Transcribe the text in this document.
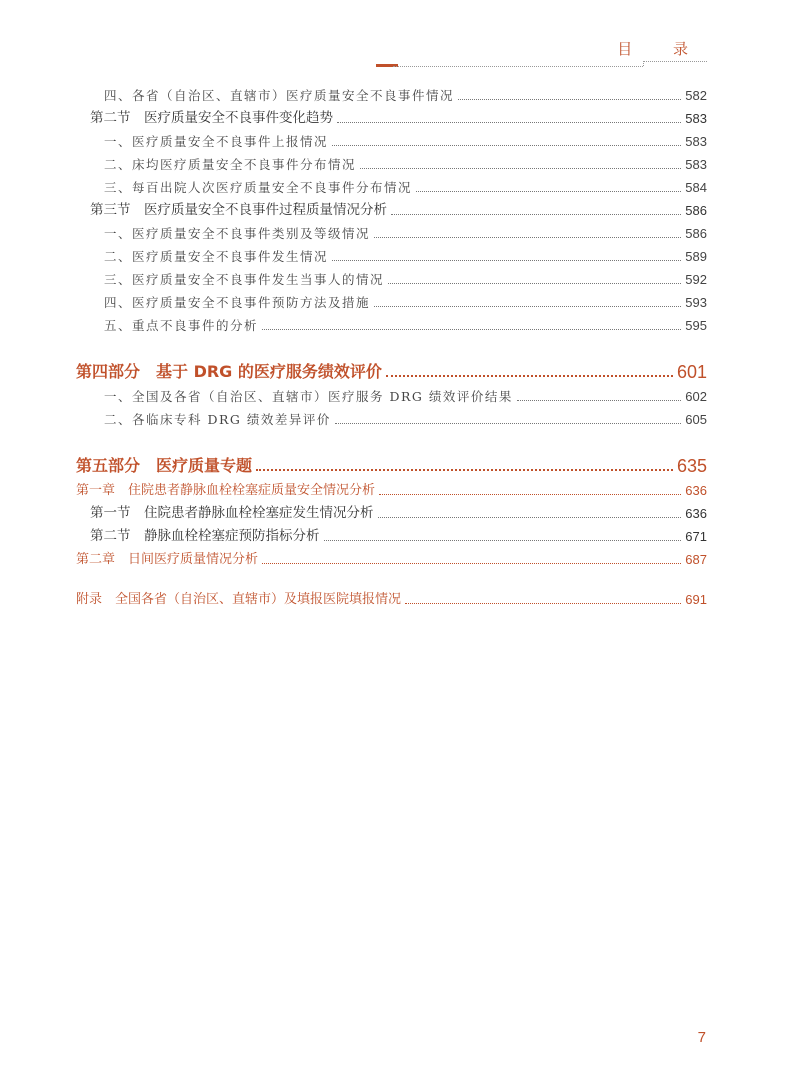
目 录
四、各省（自治区、直辖市）医疗质量安全不良事件情况	582
第二节　医疗质量安全不良事件变化趋势	583
一、医疗质量安全不良事件上报情况	583
二、床均医疗质量安全不良事件分布情况	583
三、每百出院人次医疗质量安全不良事件分布情况	584
第三节　医疗质量安全不良事件过程质量情况分析	586
一、医疗质量安全不良事件类别及等级情况	586
二、医疗质量安全不良事件发生情况	589
三、医疗质量安全不良事件发生当事人的情况	592
四、医疗质量安全不良事件预防方法及措施	593
五、重点不良事件的分析	595
第四部分　基于 DRG 的医疗服务绩效评价	601
一、全国及各省（自治区、直辖市）医疗服务 DRG 绩效评价结果	602
二、各临床专科 DRG 绩效差异评价	605
第五部分　医疗质量专题	635
第一章　住院患者静脉血栓栓塞症质量安全情况分析	636
第一节　住院患者静脉血栓栓塞症发生情况分析	636
第二节　静脉血栓栓塞症预防指标分析	671
第二章　日间医疗质量情况分析	687
附录　全国各省（自治区、直辖市）及填报医院填报情况	691
7
